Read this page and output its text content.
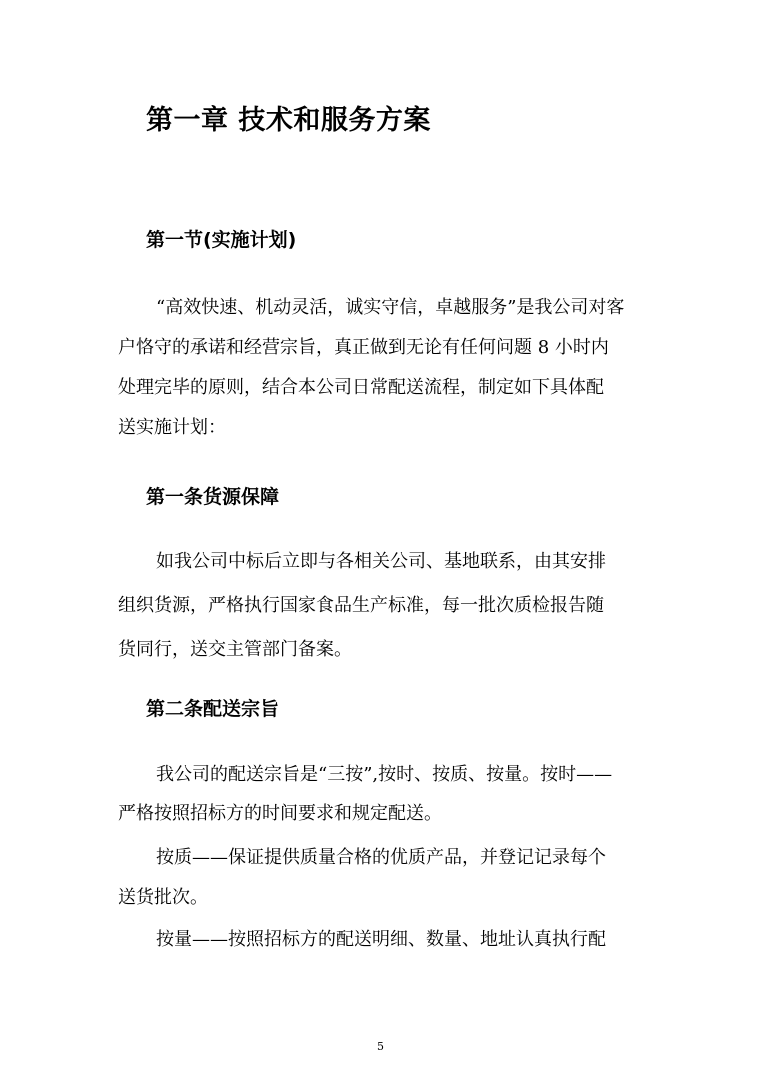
第一章 技术和服务方案
第一节(实施计划)
“高效快速、机动灵活，诚实守信，卓越服务”是我公司对客
户恪守的承诺和经营宗旨，真正做到无论有任何问题 8 小时内
处理完毕的原则，结合本公司日常配送流程，制定如下具体配
送实施计划：
第一条货源保障
如我公司中标后立即与各相关公司、基地联系，由其安排
组织货源，严格执行国家食品生产标准，每一批次质检报告随
货同行，送交主管部门备案。
第二条配送宗旨
我公司的配送宗旨是“三按”,按时、按质、按量。按时——
严格按照招标方的时间要求和规定配送。
按质——保证提供质量合格的优质产品，并登记记录每个
送货批次。
按量——按照招标方的配送明细、数量、地址认真执行配
5
